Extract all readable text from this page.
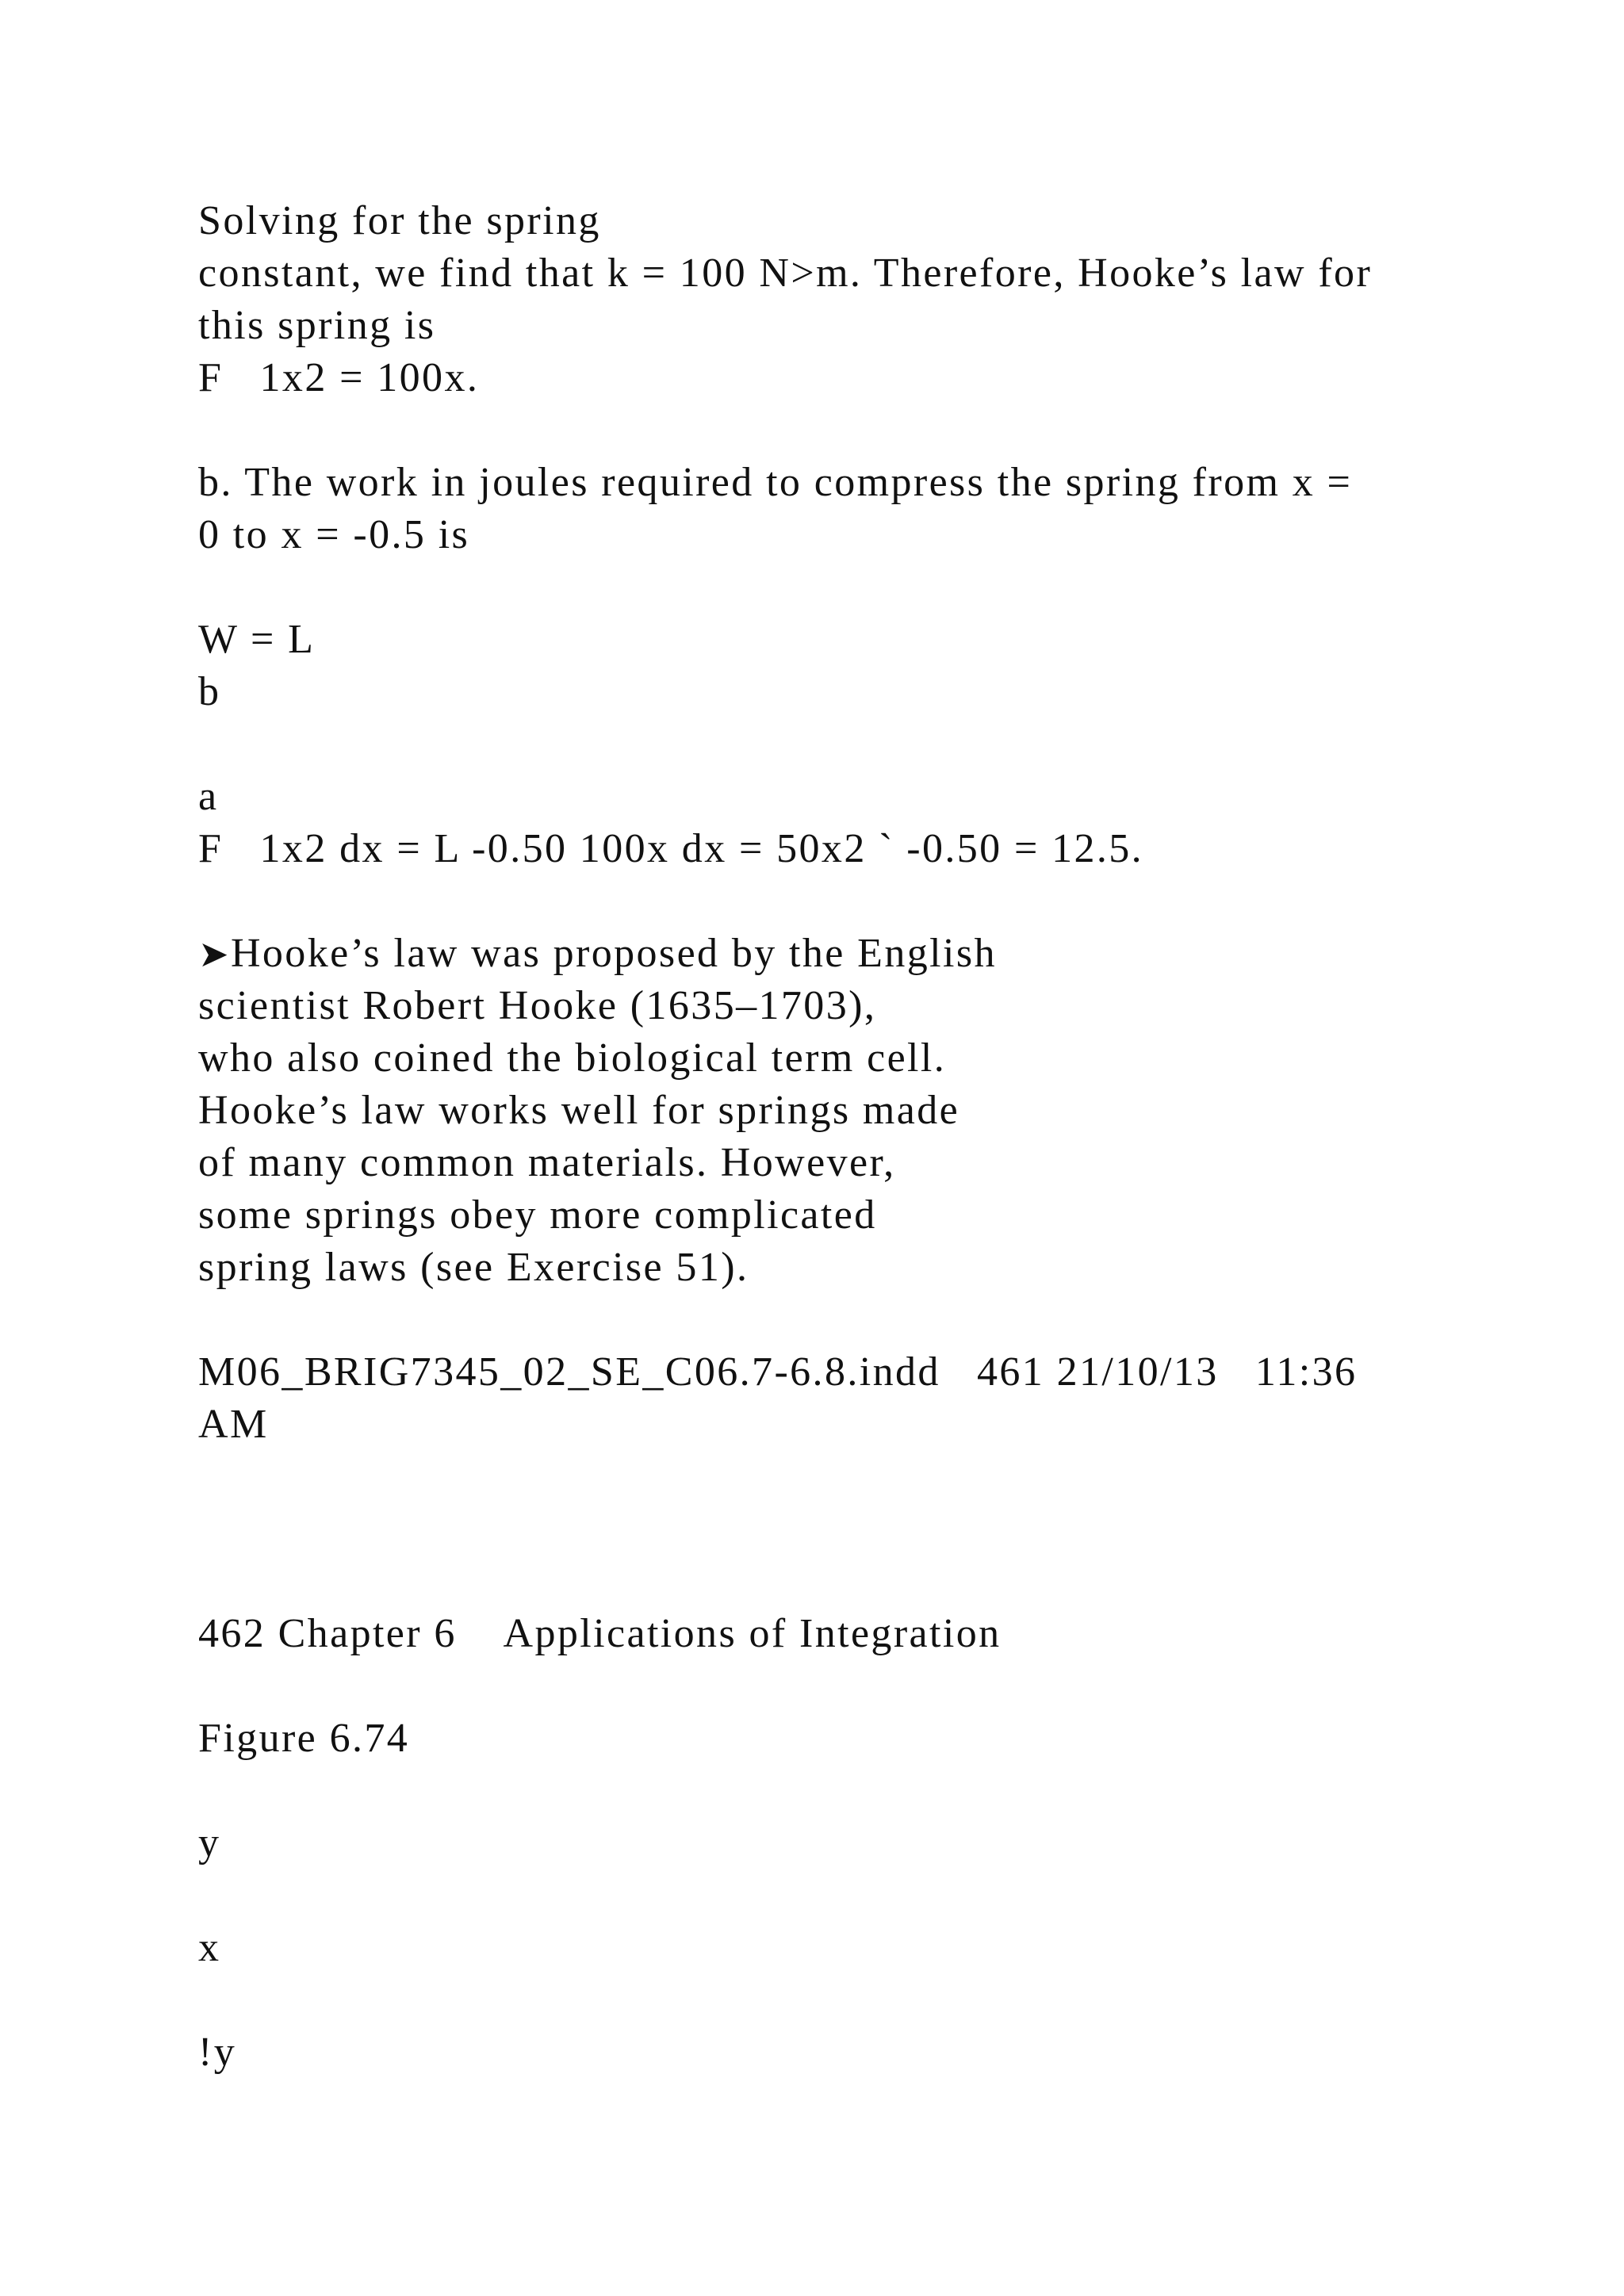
Solving for the spring
constant, we find that k = 100 N>m. Therefore, Hooke’s law for
this spring is
F   1x2 = 100x.
b. The work in joules required to compress the spring from x =
0 to x = -0.5 is
W = L
b
a
F   1x2 dx = L -0.50 100x dx = 50x2 ` -0.50 = 12.5.
➤Hooke’s law was proposed by the English
scientist Robert Hooke (1635–1703),
who also coined the biological term cell.
Hooke’s law works well for springs made
of many common materials. However,
some springs obey more complicated
spring laws (see Exercise 51).
M06_BRIG7345_02_SE_C06.7-6.8.indd   461 21/10/13   11:36
AM
462 Chapter 6    Applications of Integration
Figure 6.74
y
x
!y
